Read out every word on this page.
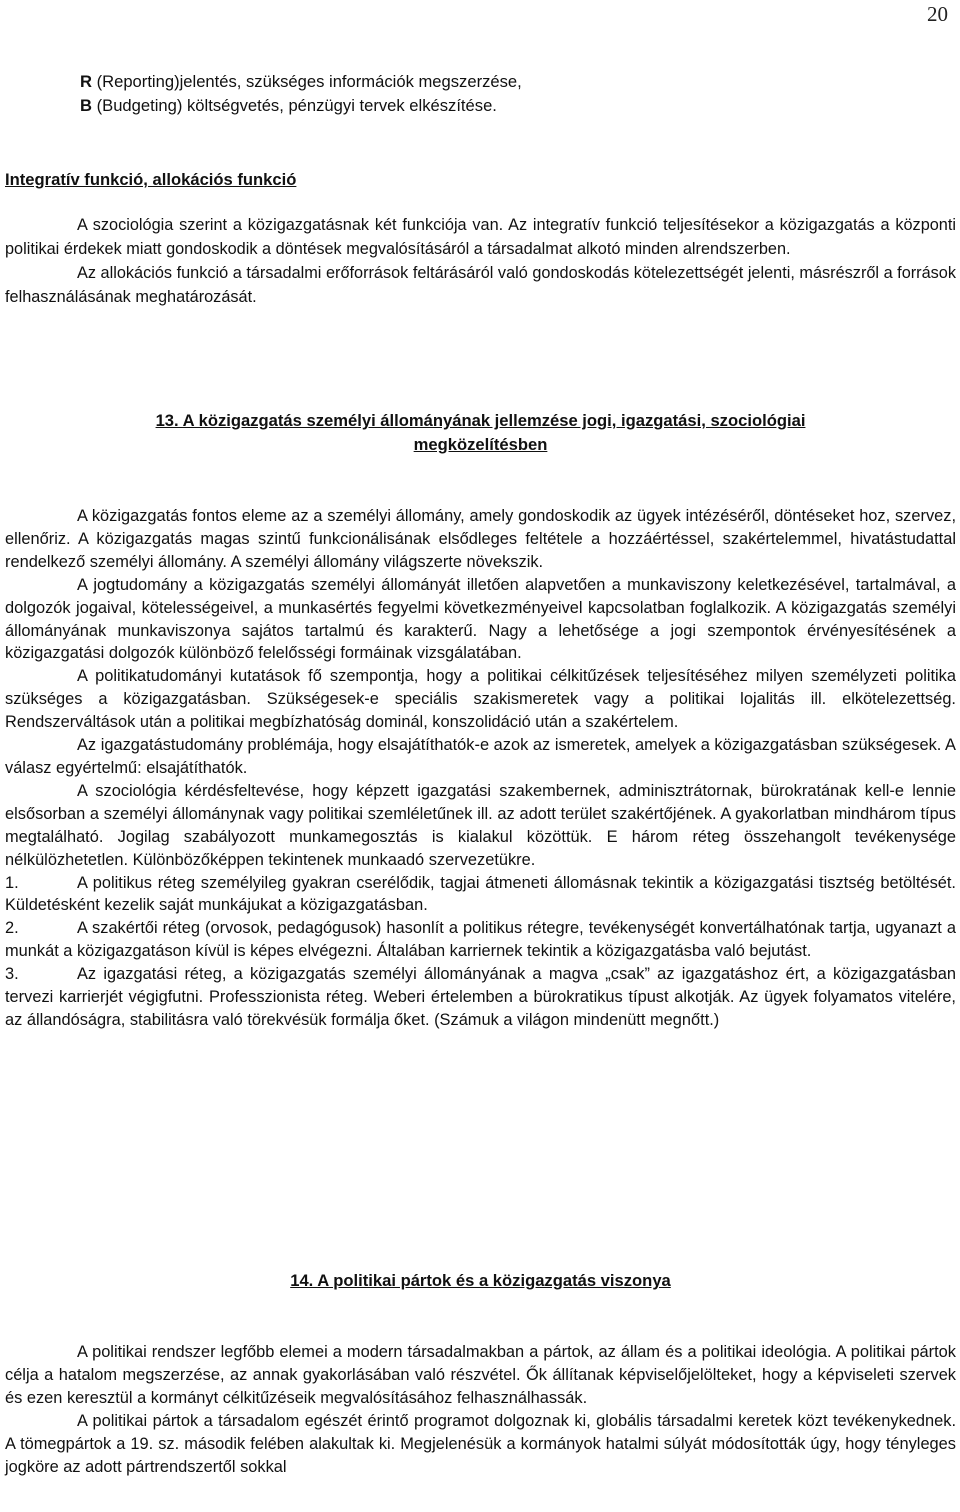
20
R (Reporting)jelentés, szükséges információk megszerzése,
B (Budgeting) költségvetés, pénzügyi tervek elkészítése.
Integratív funkció, allokációs funkció

A szociológia szerint a közigazgatásnak két funkciója van. Az integratív funkció teljesítésekor a közigazgatás a központi politikai érdekek miatt gondoskodik a döntések megvalósításáról a társadalmat alkotó minden alrendszerben.

Az allokációs funkció a társadalmi erőforrások feltárásáról való gondoskodás kötelezettségét jelenti, másrészről a források felhasználásának meghatározását.

13. A közigazgatás személyi állományának jellemzése jogi, igazgatási, szociológiai
megközelítésben

A közigazgatás fontos eleme az a személyi állomány, amely gondoskodik az ügyek intézéséről, döntéseket hoz, szervez, ellenőriz. A közigazgatás magas szintű funkcionálisának elsődleges feltétele a hozzáértéssel, szakértelemmel, hivatástudattal rendelkező személyi állomány. A személyi állomány világszerte növekszik.

A jogtudomány a közigazgatás személyi állományát illetően alapvetően a munkaviszony keletkezésével, tartalmával, a dolgozók jogaival, kötelességeivel, a munkasértés fegyelmi következményeivel kapcsolatban foglalkozik. A közigazgatás személyi állományának munkaviszonya sajátos tartalmú és karakterű. Nagy a lehetősége a jogi szempontok érvényesítésének a közigazgatási dolgozók különböző felelősségi formáinak vizsgálatában.

A politikatudományi kutatások fő szempontja, hogy a politikai célkitűzések teljesítéséhez milyen személyzeti politika szükséges a közigazgatásban. Szükségesek-e speciális szakismeretek vagy a politikai lojalitás ill. elkötelezettség. Rendszerváltások után a politikai megbízhatóság dominál, konszolidáció után a szakértelem.

Az igazgatástudomány problémája, hogy elsajátíthatók-e azok az ismeretek, amelyek a közigazgatásban szükségesek. A válasz egyértelmű: elsajátíthatók.

A szociológia kérdésfeltevése, hogy képzett igazgatási szakembernek, adminisztrátornak, bürokratának kell-e lennie elsősorban a személyi állománynak vagy politikai szemléletűnek ill. az adott terület szakértőjének. A gyakorlatban mindhárom típus megtalálható. Jogilag szabályozott munkamegosztás is kialakul közöttük. E három réteg összehangolt tevékenysége nélkülözhetetlen. Különbözőképpen tekintenek munkaadó szervezetükre.

1.	A politikus réteg személyileg gyakran cserélődik, tagjai átmeneti állomásnak tekintik a közigazgatási tisztség betöltését. Küldetésként kezelik saját munkájukat a közigazgatásban.

2.	A szakértői réteg (orvosok, pedagógusok) hasonlít a politikus rétegre, tevékenységét konvertálhatónak tartja, ugyanazt a munkát a közigazgatáson kívül is képes elvégezni. Általában karriernek tekintik a közigazgatásba való bejutást.

3.	Az igazgatási réteg, a közigazgatás személyi állományának a magva „csak” az igazgatáshoz ért, a közigazgatásban tervezi karrierjét végigfutni. Professzionista réteg. Weberi értelemben a bürokratikus típust alkotják. Az ügyek folyamatos vitelére, az állandóságra, stabilitásra való törekvésük formálja őket. (Számuk a világon mindenütt megnőtt.)

14. A politikai pártok és a közigazgatás viszonya

A politikai rendszer legfőbb elemei a modern társadalmakban a pártok, az állam és a politikai ideológia. A politikai pártok célja a hatalom megszerzése, az annak gyakorlásában való részvétel. Ők állítanak képviselőjelölteket, hogy a képviseleti szervek és ezen keresztül a kormányt célkitűzéseik megvalósításához felhasználhassák.

A politikai pártok a társadalom egészét érintő programot dolgoznak ki, globális társadalmi keretek közt tevékenykednek. A tömegpártok a 19. sz. második felében alakultak ki. Megjelenésük a kormányok hatalmi súlyát módosították úgy, hogy tényleges jogköre az adott pártrendszertől sokkal
